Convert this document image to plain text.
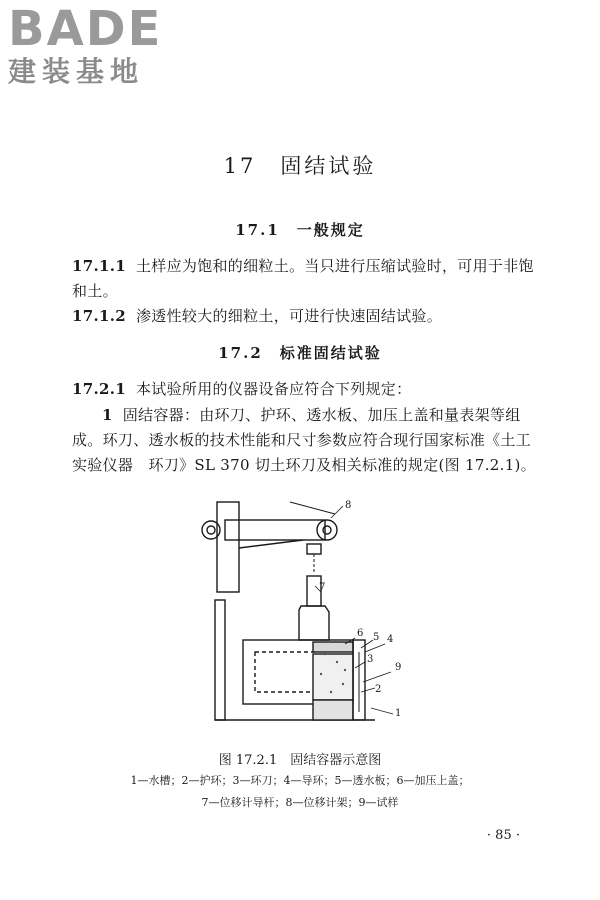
BADE
建装基地
17　固结试验
17.1　一般规定
17.1.1 土样应为饱和的细粒土。当只进行压缩试验时，可用于非饱和土。
17.1.2 渗透性较大的细粒土，可进行快速固结试验。
17.2　标准固结试验
17.2.1 本试验所用的仪器设备应符合下列规定：
1 固结容器：由环刀、护环、透水板、加压上盖和量表架等组成。环刀、透水板的技术性能和尺寸参数应符合现行国家标准《土工实验仪器　环刀》SL 370 切土环刀及相关标准的规定(图 17.2.1)。
8
7
6 5 4
3
9
2
1
图 17.2.1　固结容器示意图
1—水槽；2—护环；3—环刀；4—导环；5—透水板；6—加压上盖；
7—位移计导杆；8—位移计架；9—试样
· 85 ·
